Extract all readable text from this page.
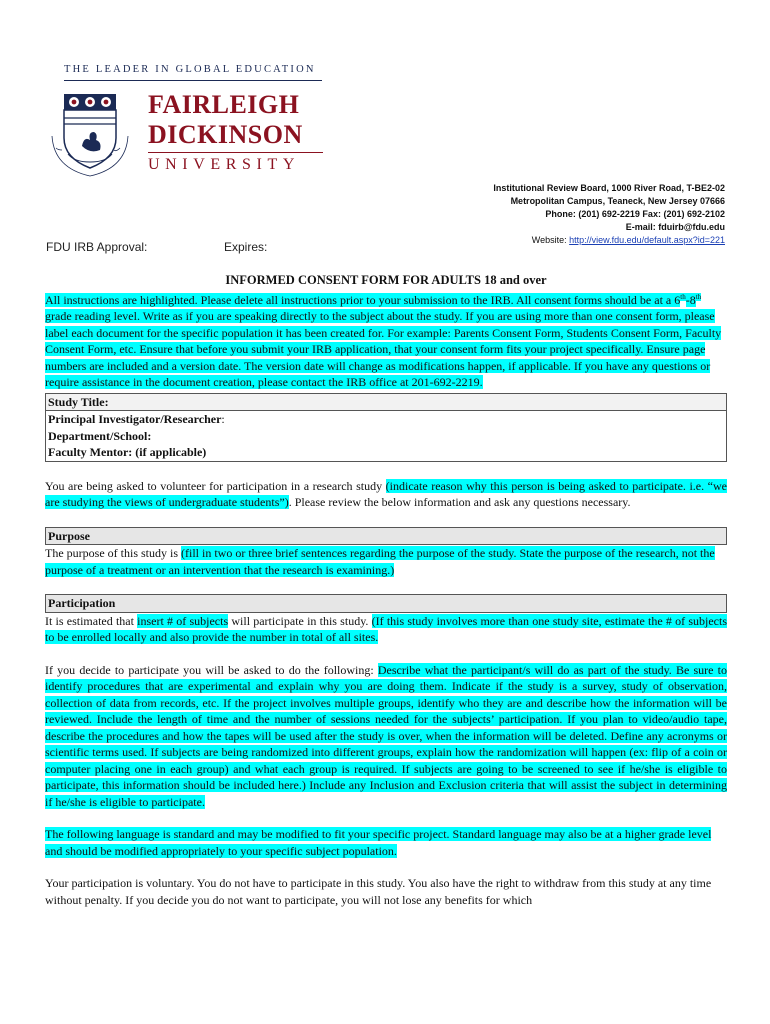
THE LEADER IN GLOBAL EDUCATION
FAIRLEIGH
DICKINSON
UNIVERSITY
Institutional Review Board, 1000 River Road, T-BE2-02
Metropolitan Campus, Teaneck, New Jersey 07666
Phone: (201) 692-2219 Fax: (201) 692-2102
E-mail: fduirb@fdu.edu
Website: http://view.fdu.edu/default.aspx?id=221
FDU IRB Approval:	Expires:
INFORMED CONSENT FORM FOR ADULTS 18 and over

All instructions are highlighted. Please delete all instructions prior to your submission to the IRB. All consent forms should be at a 6th-8th grade reading level. Write as if you are speaking directly to the subject about the study. If you are using more than one consent form, please label each document for the specific population it has been created for. For example: Parents Consent Form, Students Consent Form, Faculty Consent Form, etc. Ensure that before you submit your IRB application, that your consent form fits your project specifically. Ensure page numbers are included and a version date. The version date will change as modifications happen, if applicable. If you have any questions or require assistance in the document creation, please contact the IRB office at 201-692-2219.

Study Title:
Principal Investigator/Researcher:
Department/School:
Faculty Mentor: (if applicable)

You are being asked to volunteer for participation in a research study (indicate reason why this person is being asked to participate. i.e. “we are studying the views of undergraduate students”). Please review the below information and ask any questions necessary.

Purpose

The purpose of this study is (fill in two or three brief sentences regarding the purpose of the study. State the purpose of the research, not the purpose of a treatment or an intervention that the research is examining.)

Participation

It is estimated that insert # of subjects will participate in this study. (If this study involves more than one study site, estimate the # of subjects to be enrolled locally and also provide the number in total of all sites.

If you decide to participate you will be asked to do the following: Describe what the participant/s will do as part of the study. Be sure to identify procedures that are experimental and explain why you are doing them. Indicate if the study is a survey, study of observation, collection of data from records, etc. If the project involves multiple groups, identify who they are and describe how the information will be reviewed. Include the length of time and the number of sessions needed for the subjects’ participation. If you plan to video/audio tape, describe the procedures and how the tapes will be used after the study is over, when the information will be deleted. Define any acronyms or scientific terms used. If subjects are being randomized into different groups, explain how the randomization will happen (ex: flip of a coin or computer placing one in each group) and what each group is required. If subjects are going to be screened to see if he/she is eligible to participate, this information should be included here.) Include any Inclusion and Exclusion criteria that will assist the subject in determining if he/she is eligible to participate.

The following language is standard and may be modified to fit your specific project. Standard language may also be at a higher grade level and should be modified appropriately to your specific subject population.

Your participation is voluntary. You do not have to participate in this study. You also have the right to withdraw from this study at any time without penalty. If you decide you do not want to participate, you will not lose any benefits for which
